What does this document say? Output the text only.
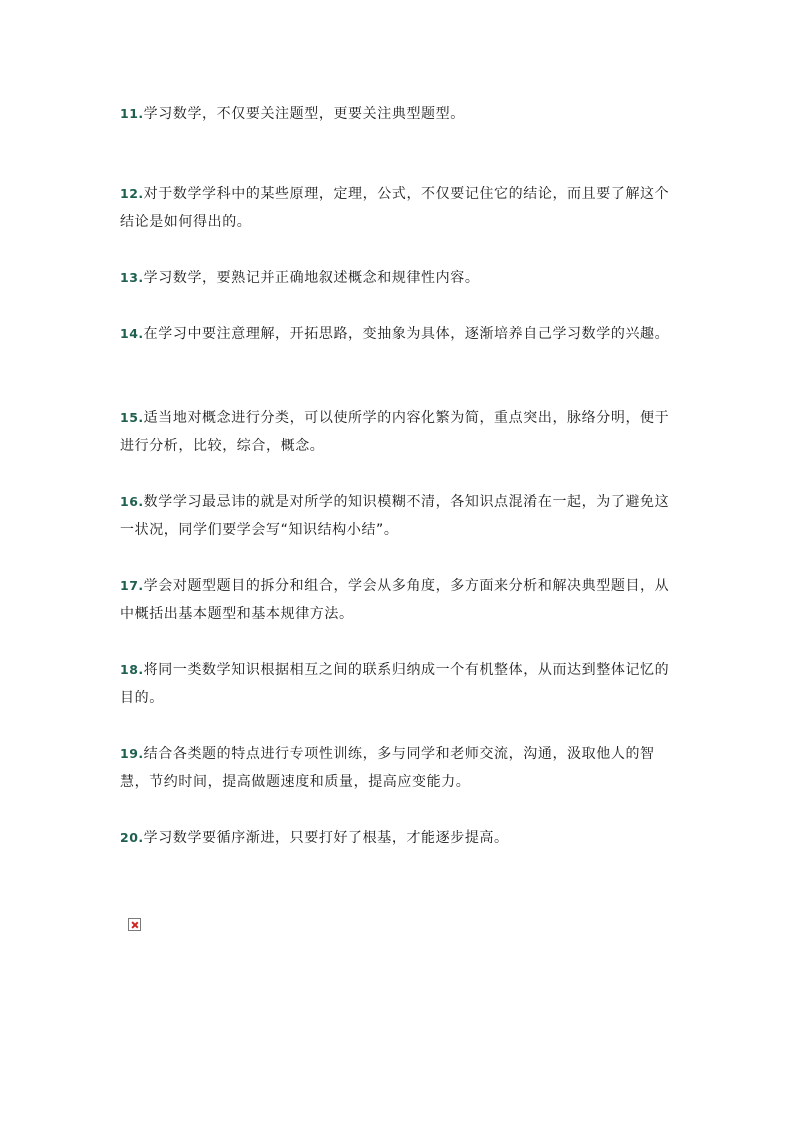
11.学习数学，不仅要关注题型，更要关注典型题型。

12.对于数学学科中的某些原理，定理，公式，不仅要记住它的结论，而且要了解这个结论是如何得出的。

13.学习数学，要熟记并正确地叙述概念和规律性内容。

14.在学习中要注意理解，开拓思路，变抽象为具体，逐渐培养自己学习数学的兴趣。

15.适当地对概念进行分类，可以使所学的内容化繁为简，重点突出，脉络分明，便于进行分析，比较，综合，概念。

16.数学学习最忌讳的就是对所学的知识模糊不清，各知识点混淆在一起，为了避免这一状况，同学们要学会写“知识结构小结”。

17.学会对题型题目的拆分和组合，学会从多角度，多方面来分析和解决典型题目，从中概括出基本题型和基本规律方法。

18.将同一类数学知识根据相互之间的联系归纳成一个有机整体，从而达到整体记忆的目的。

19.结合各类题的特点进行专项性训练，多与同学和老师交流，沟通，汲取他人的智慧，节约时间，提高做题速度和质量，提高应变能力。

20.学习数学要循序渐进，只要打好了根基，才能逐步提高。
